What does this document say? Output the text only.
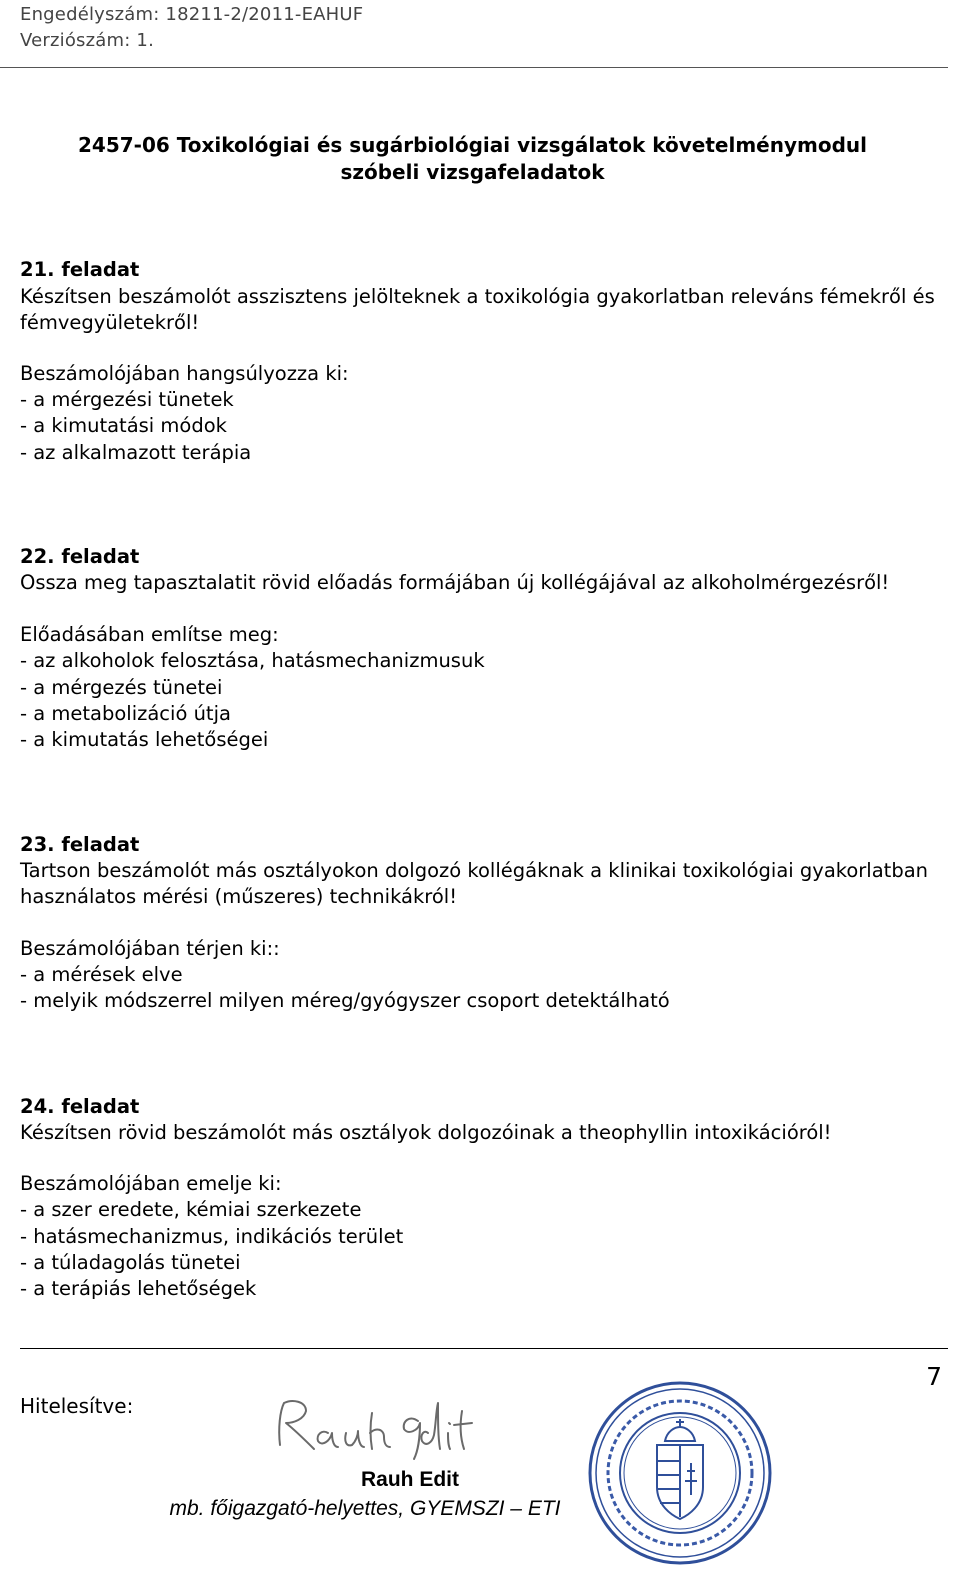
Engedélyszám: 18211-2/2011-EAHUF
Verziószám: 1.
2457-06 Toxikológiai és sugárbiológiai vizsgálatok követelménymodul
szóbeli vizsgafeladatok
21. feladat
Készítsen beszámolót asszisztens jelölteknek a toxikológia gyakorlatban releváns fémekről és
fémvegyületekről!
Beszámolójában hangsúlyozza ki:
- a mérgezési tünetek
- a kimutatási módok
- az alkalmazott terápia
22. feladat
Ossza meg tapasztalatit rövid előadás formájában új kollégájával az alkoholmérgezésről!
Előadásában említse meg:
- az alkoholok felosztása, hatásmechanizmusuk
- a mérgezés tünetei
- a metabolizáció útja
- a kimutatás lehetőségei
23. feladat
Tartson beszámolót más osztályokon dolgozó kollégáknak a klinikai toxikológiai gyakorlatban
használatos mérési (műszeres) technikákról!
Beszámolójában térjen ki::
- a mérések elve
- melyik módszerrel milyen méreg/gyógyszer csoport detektálható
24. feladat
Készítsen rövid beszámolót más osztályok dolgozóinak a theophyllin intoxikációról!
Beszámolójában emelje ki:
- a szer eredete, kémiai szerkezete
- hatásmechanizmus, indikációs terület
- a túladagolás tünetei
- a terápiás lehetőségek
7
Hitelesítve:
Rauh Edit
mb. főigazgató-helyettes, GYEMSZI – ETI
